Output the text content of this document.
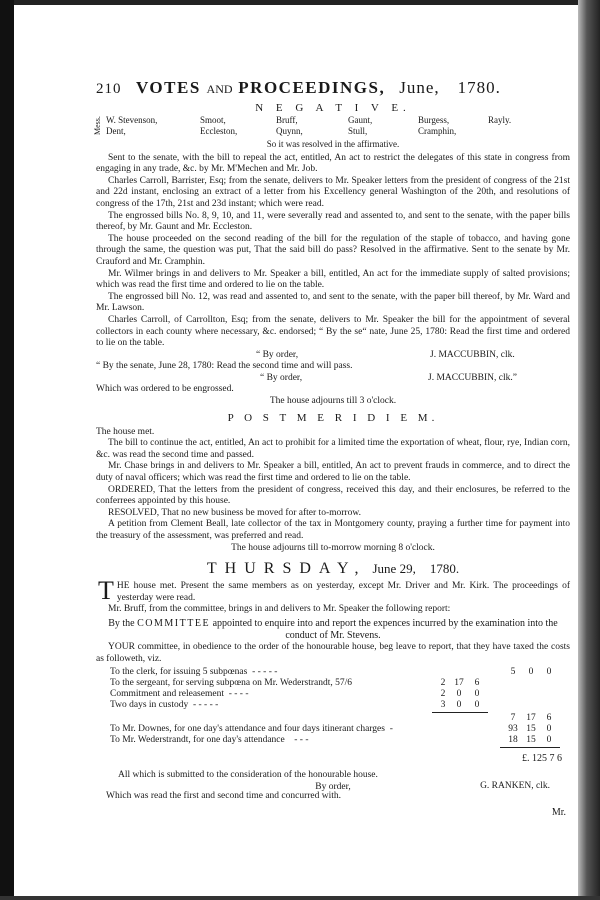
210 VOTES AND PROCEEDINGS, June, 1780.
N E G A T I V E.
Mess. W. Stevenson,	Smoot,	Bruff,	Gaunt,	Burgess,	Rayly.
Dent,	Eccleston,	Quynn,	Stull,	Cramphin,

So it was resolved in the affirmative.

Sent to the senate, with the bill to repeal the act, entitled, An act to restrict the delegates of this state in congress from engaging in any trade, &c. by Mr. M'Mechen and Mr. Job.

Charles Carroll, Barrister, Esq; from the senate, delivers to Mr. Speaker letters from the president of congress of the 21st and 22d instant, enclosing an extract of a letter from his Excellency general Washington of the 20th, and resolutions of congress of the 17th, 21st and 23d instant; which were read.

The engrossed bills No. 8, 9, 10, and 11, were severally read and assented to, and sent to the senate, with the paper bills thereof, by Mr. Gaunt and Mr. Eccleston.

The house proceeded on the second reading of the bill for the regulation of the staple of tobacco, and having gone through the same, the question was put, That the said bill do pass? Resolved in the affirmative. Sent to the senate by Mr. Crauford and Mr. Cramphin.

Mr. Wilmer brings in and delivers to Mr. Speaker a bill, entitled, An act for the immediate supply of salted provisions; which was read the first time and ordered to lie on the table.

The engrossed bill No. 12, was read and assented to, and sent to the senate, with the paper bill thereof, by Mr. Ward and Mr. Lawson.

Charles Carroll, of Carrollton, Esq; from the senate, delivers to Mr. Speaker the bill for the appointment of several collectors in each county where necessary, &c. endorsed; “ By the se“ nate, June 25, 1780: Read the first time and ordered to lie on the table.

“ By order,	J. MACCUBBIN, clk.

“ By the senate, June 28, 1780: Read the second time and will pass.

“ By order,	J. MACCUBBIN, clk.”

Which was ordered to be engrossed.

The house adjourns till 3 o'clock.

P O S T M E R I D I E M.

The house met.

The bill to continue the act, entitled, An act to prohibit for a limited time the exportation of wheat, flour, rye, Indian corn, &c. was read the second time and passed.

Mr. Chase brings in and delivers to Mr. Speaker a bill, entitled, An act to prevent frauds in commerce, and to direct the duty of naval officers; which was read the first time and ordered to lie on the table.

ORDERED, That the letters from the president of congress, received this day, and their enclosures, be referred to the conferrees appointed by this house.

RESOLVED, That no new business be moved for after to-morrow.

A petition from Clement Beall, late collector of the tax in Montgomery county, praying a further time for payment into the treasury of the assessment, was preferred and read.

The house adjourns till to-morrow morning 8 o'clock.

THURSDAY, June 29, 1780.

THE house met. Present the same members as on yesterday, except Mr. Driver and Mr. Kirk. The proceedings of yesterday were read.

Mr. Bruff, from the committee, brings in and delivers to Mr. Speaker the following report:

By the COMMITTEE appointed to enquire into and report the expences incurred by the examination into the conduct of Mr. Stevens.

YOUR committee, in obedience to the order of the honourable house, beg leave to report, that they have taxed the costs as followeth, viz.

To the clerk, for issuing 5 subpœnas - - - - -	5	0	0
To the sergeant, for serving subpœna on Mr. Wederstrandt, 57/6	2 17	6
Commitment and releasement - - - -	2	0	0
Two days in custody - - - - -	3	0	0
7	17	6
To Mr. Downes, for one day's attendance and four days itinerant charges -	93 15	0
To Mr. Wederstrandt, for one day's attendance - - -	18 15	0
£. 125 7 6

All which is submitted to the consideration of the honourable house.

By order,	G. RANKEN, clk.

Which was read the first and second time and concurred with.

Mr.
